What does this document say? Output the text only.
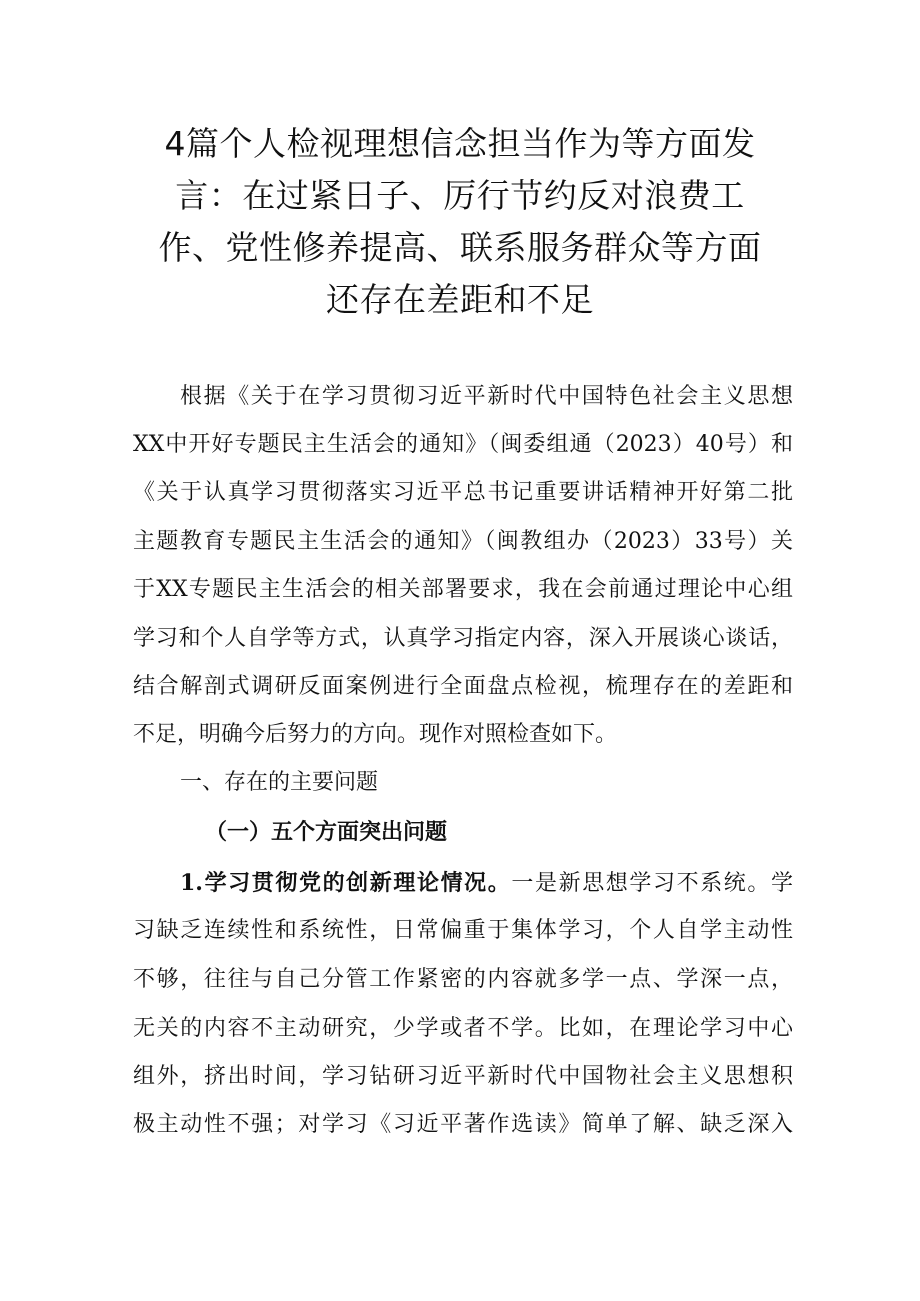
4篇个人检视理想信念担当作为等方面发
言：在过紧日子、厉行节约反对浪费工
作、党性修养提高、联系服务群众等方面
还存在差距和不足
根据《关于在学习贯彻习近平新时代中国特色社会主义思想
XX中开好专题民主生活会的通知》（闽委组通（2023）40号）和
《关于认真学习贯彻落实习近平总书记重要讲话精神开好第二批
主题教育专题民主生活会的通知》（闽教组办（2023）33号）关
于XX专题民主生活会的相关部署要求，我在会前通过理论中心组
学习和个人自学等方式，认真学习指定内容，深入开展谈心谈话，
结合解剖式调研反面案例进行全面盘点检视，梳理存在的差距和
不足，明确今后努力的方向。现作对照检查如下。
一、存在的主要问题
（一）五个方面突出问题
1.学习贯彻党的创新理论情况。一是新思想学习不系统。学
习缺乏连续性和系统性，日常偏重于集体学习，个人自学主动性
不够，往往与自己分管工作紧密的内容就多学一点、学深一点，
无关的内容不主动研究，少学或者不学。比如，在理论学习中心
组外，挤出时间，学习钻研习近平新时代中国物社会主义思想积
极主动性不强；对学习《习近平著作选读》简单了解、缺乏深入
